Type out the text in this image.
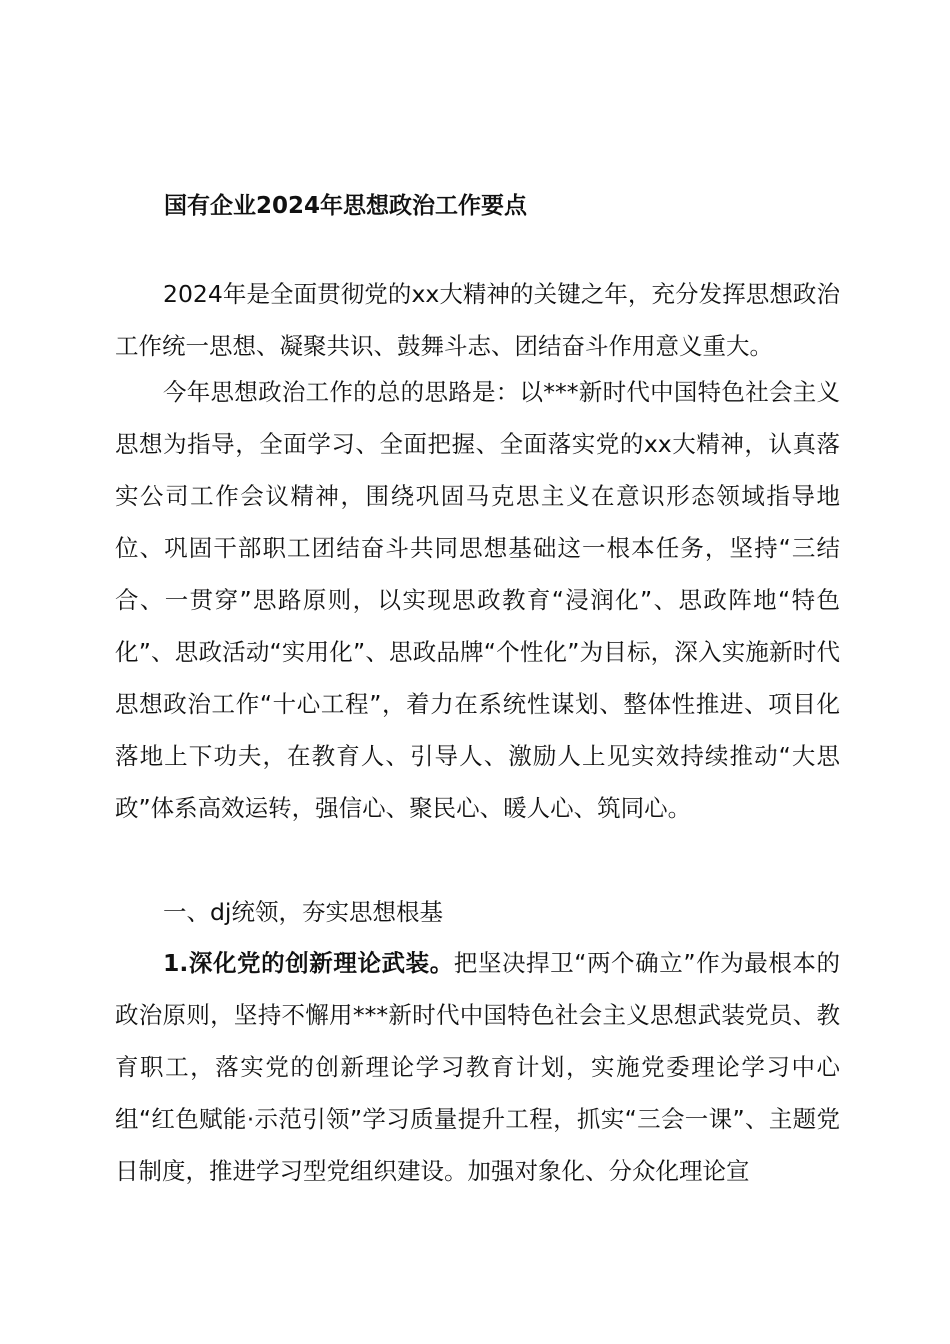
国有企业2024年思想政治工作要点

2024年是全面贯彻党的xx大精神的关键之年，充分发挥思想政治工作统一思想、凝聚共识、鼓舞斗志、团结奋斗作用意义重大。

今年思想政治工作的总的思路是：以***新时代中国特色社会主义思想为指导，全面学习、全面把握、全面落实党的xx大精神，认真落实公司工作会议精神，围绕巩固马克思主义在意识形态领域指导地位、巩固干部职工团结奋斗共同思想基础这一根本任务，坚持“三结合、一贯穿”思路原则，以实现思政教育“浸润化”、思政阵地“特色化”、思政活动“实用化”、思政品牌“个性化”为目标，深入实施新时代思想政治工作“十心工程”，着力在系统性谋划、整体性推进、项目化落地上下功夫，在教育人、引导人、激励人上见实效持续推动“大思政”体系高效运转，强信心、聚民心、暖人心、筑同心。

一、dj统领，夯实思想根基

1.深化党的创新理论武装。把坚决捍卫“两个确立”作为最根本的政治原则，坚持不懈用***新时代中国特色社会主义思想武装党员、教育职工，落实党的创新理论学习教育计划，实施党委理论学习中心组“红色赋能·示范引领”学习质量提升工程，抓实“三会一课”、主题党日制度，推进学习型党组织建设。加强对象化、分众化理论宣
